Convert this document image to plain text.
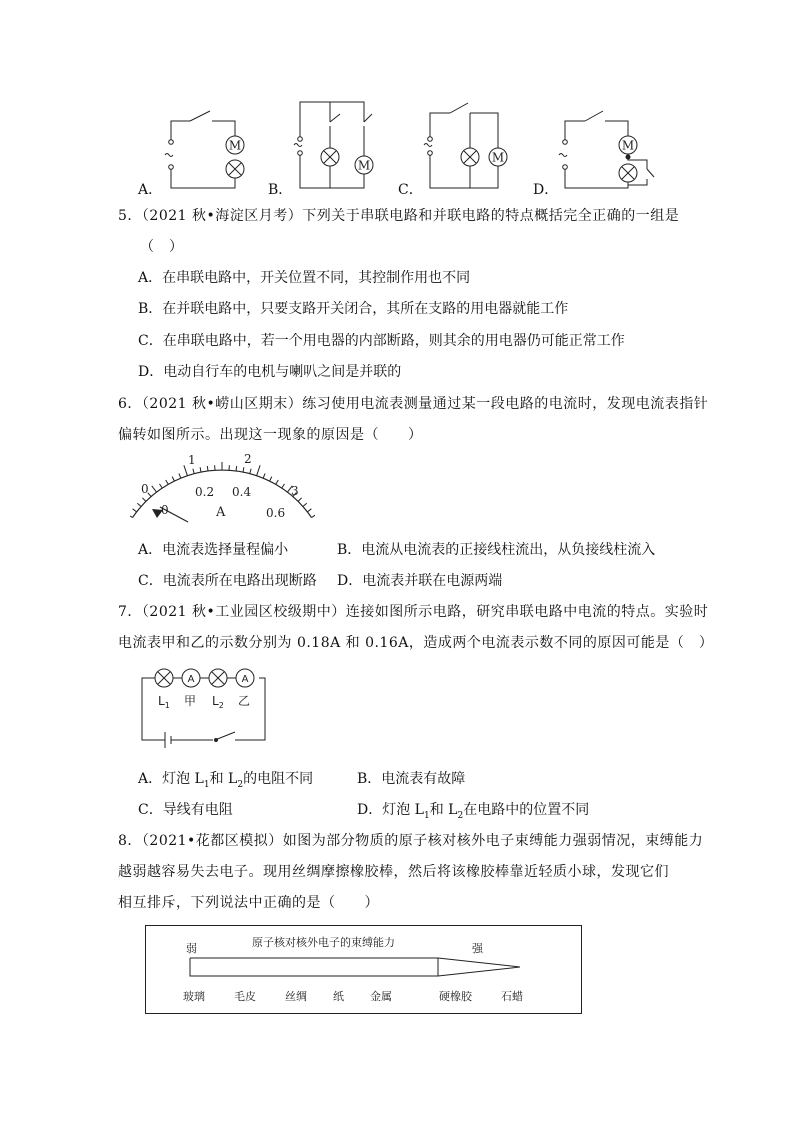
M
A．
M
B．
M
C．
M
D．
5．（2021 秋•海淀区月考）下列关于串联电路和并联电路的特点概括完全正确的一组是
（　）
A．在串联电路中，开关位置不同，其控制作用也不同
B．在并联电路中，只要支路开关闭合，其所在支路的用电器就能工作
C．在串联电路中，若一个用电器的内部断路，则其余的用电器仍可能正常工作
D．电动自行车的电机与喇叭之间是并联的
6．（2021 秋•崂山区期末）练习使用电流表测量通过某一段电路的电流时，发现电流表指针
偏转如图所示。出现这一现象的原因是（　　）
0
1	2
3
0
0.2 0.4
0.6
A
A．电流表选择量程偏小	B．电流从电流表的正接线柱流出，从负接线柱流入
C．电流表所在电路出现断路 D．电流表并联在电源两端
7．（2021 秋•工业园区校级期中）连接如图所示电路，研究串联电路中电流的特点。实验时
电流表甲和乙的示数分别为 0.18A 和 0.16A，造成两个电流表示数不同的原因可能是（　）
A	A
$L_1$ 甲 $L_2$ 乙
A．灯泡 $L_1$和 $L_2$的电阻不同	B．电流表有故障
C．导线有电阻	D．灯泡 $L_1$和 $L_2$在电路中的位置不同
8．（2021•花都区模拟）如图为部分物质的原子核对核外电子束缚能力强弱情况，束缚能力
越弱越容易失去电子。现用丝绸摩擦橡胶棒，然后将该橡胶棒靠近轻质小球，发现它们
相互排斥，下列说法中正确的是（　　）
原子核对核外电子的束缚能力
弱	强
玻璃	毛皮	丝绸 纸 金属	硬橡胶	石蜡
